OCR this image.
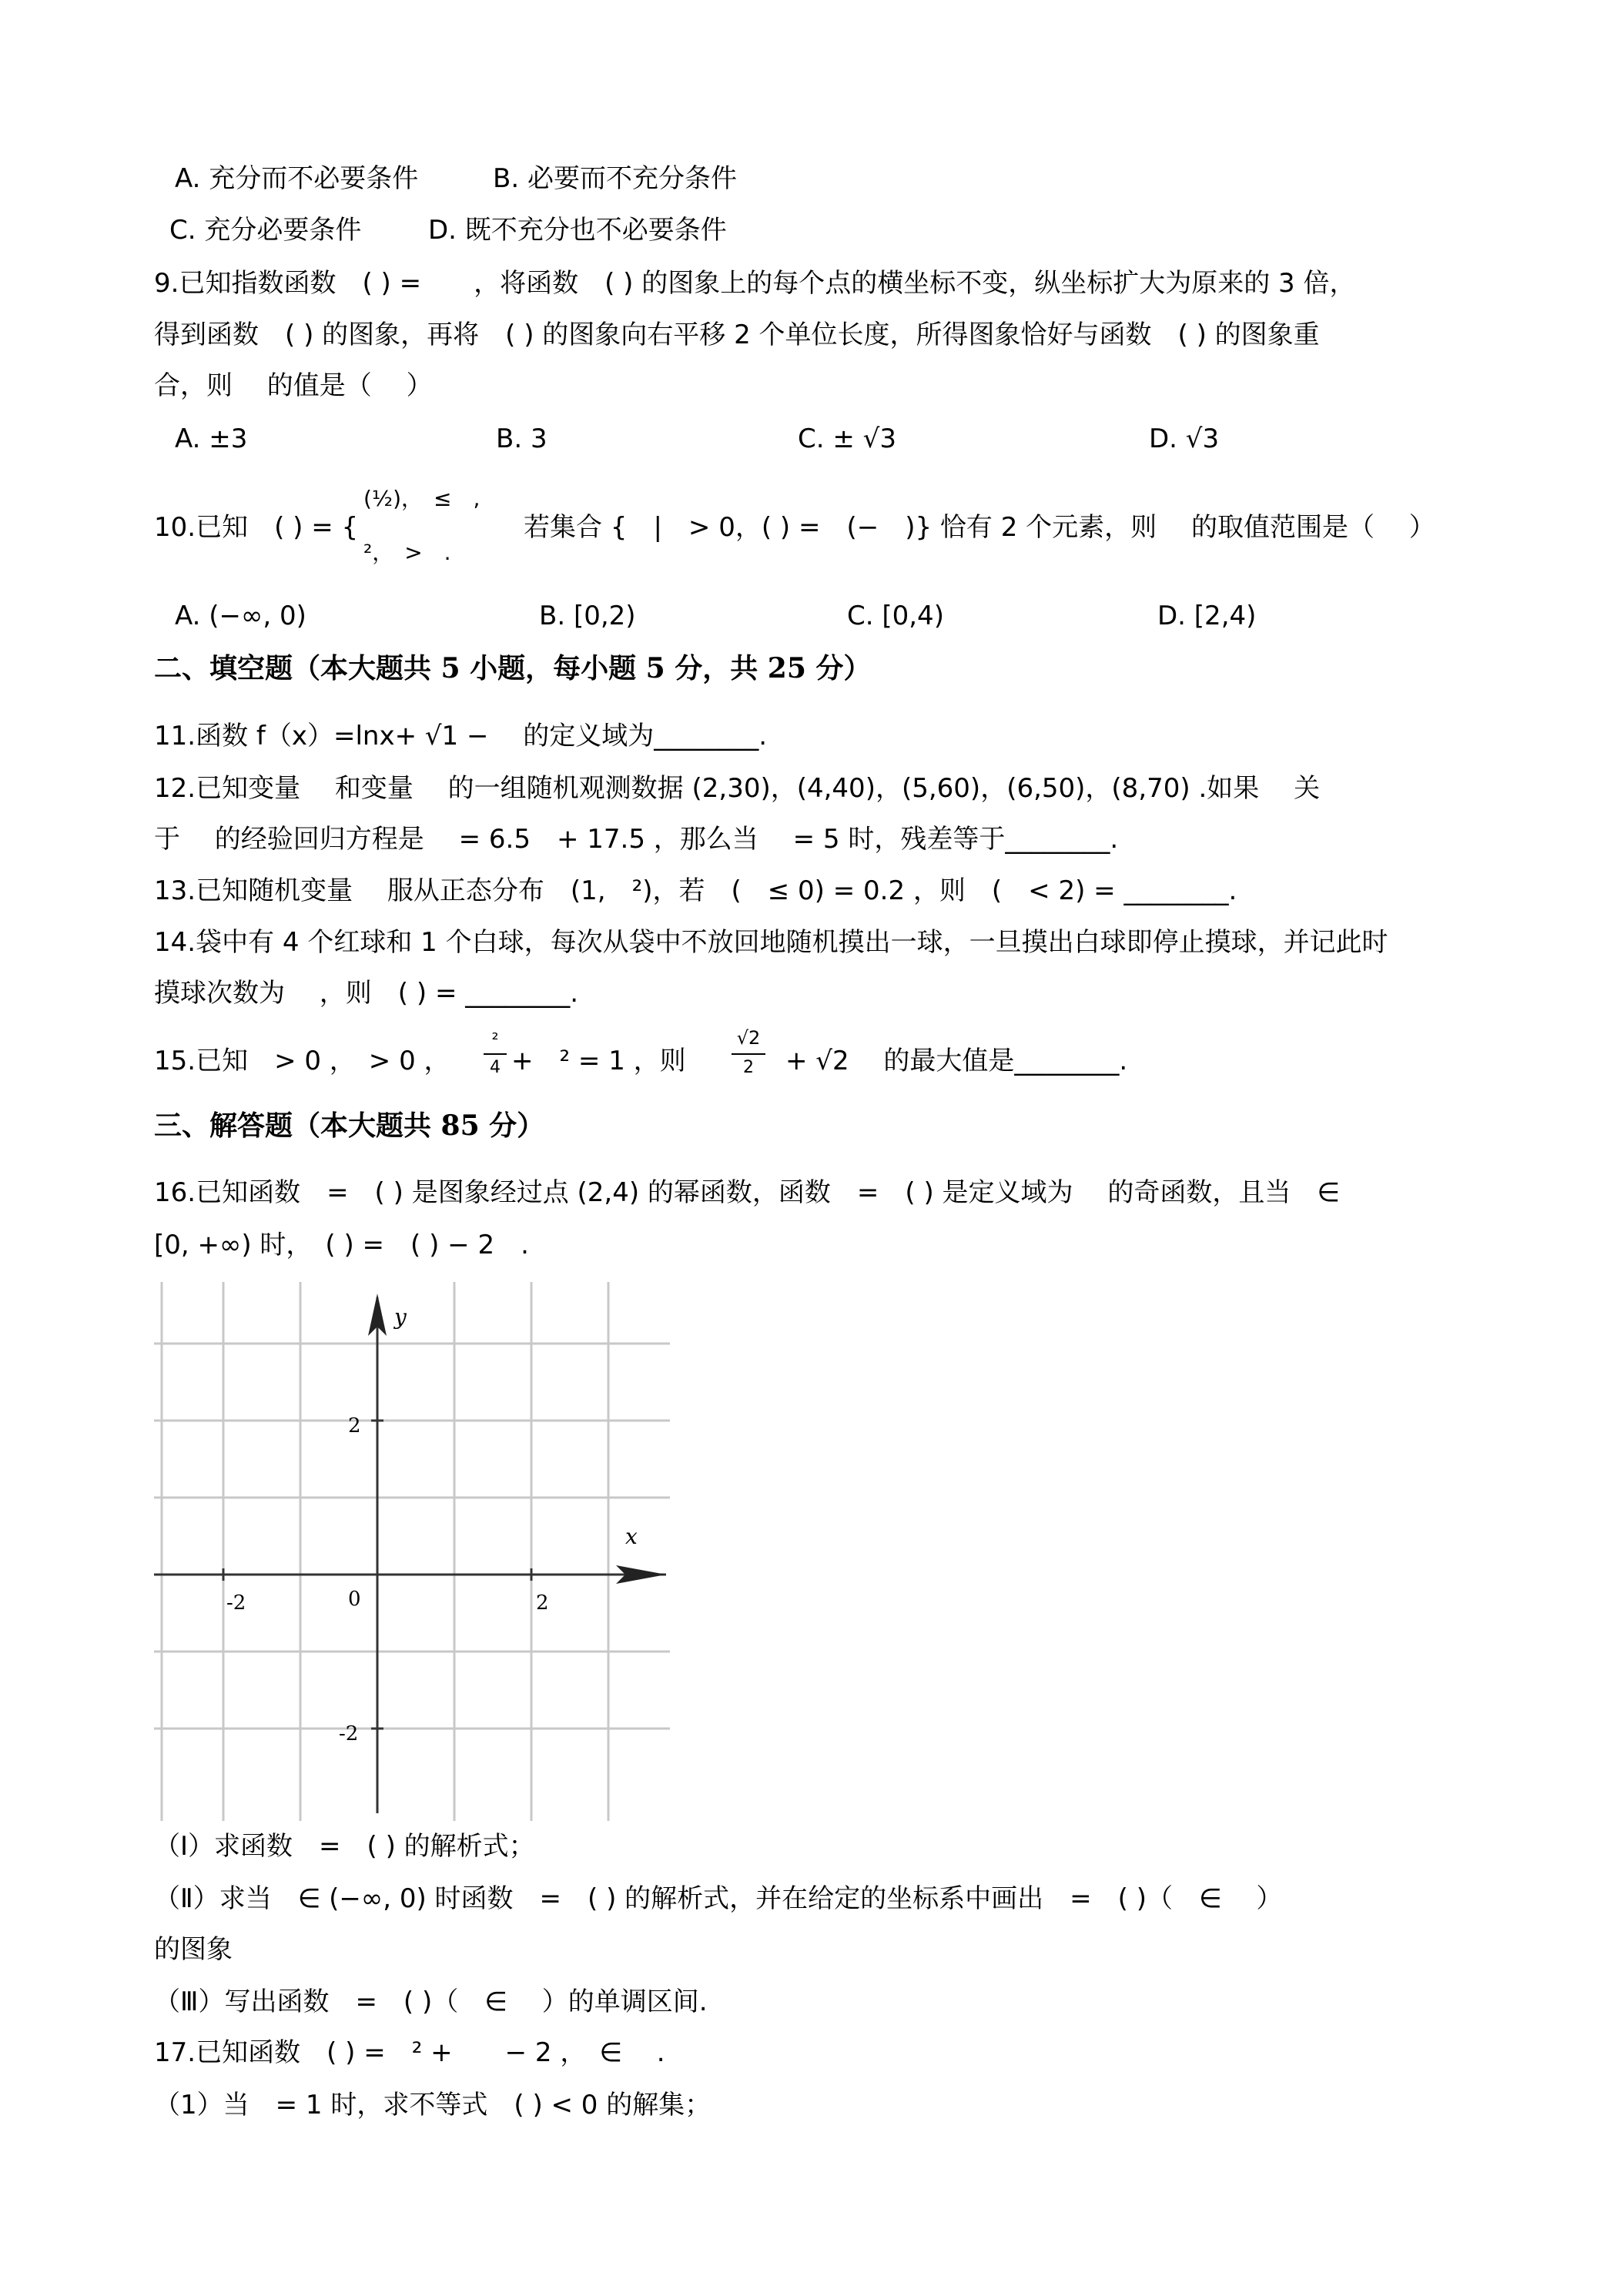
A. 充分而不必要条件	B. 必要而不充分条件
C. 充分必要条件	D. 既不充分也不必要条件
9.已知指数函数　( ) =　　，将函数　( ) 的图象上的每个点的横坐标不变，纵坐标扩大为原来的 3 倍，
得到函数　( ) 的图象，再将　( ) 的图象向右平移 2 个单位长度，所得图象恰好与函数　( ) 的图象重
合，则　 的值是（　 ）
A. ±3	B. 3	C. ± √3	D. √3
10.已知　( ) = {
(½)，　≤　,
²，　>　.
若集合 {　|　> 0，( ) =　(−　)} 恰有 2 个元素，则　 的取值范围是（　 ）
A. (−∞, 0)	B. [0,2)	C. [0,4)	D. [2,4)
二、填空题（本大题共 5 小题，每小题 5 分，共 25 分）
11.函数 f（x）=lnx+ √1 −　 的定义域为________.
12.已知变量　 和变量　 的一组随机观测数据 (2,30)，(4,40)，(5,60)，(6,50)，(8,70) .如果　 关
于　 的经验回归方程是　 = 6.5　+ 17.5 ，那么当　 = 5 时，残差等于________.
13.已知随机变量　 服从正态分布　(1,　²)，若　(　≤ 0) = 0.2 ，则　(　< 2) = ________.
14.袋中有 4 个红球和 1 个白球，每次从袋中不放回地随机摸出一球，一旦摸出白球即停止摸球，并记此时
摸球次数为　 ，则　( ) = ________.
15.已知　> 0 ，　> 0 ，
²
4 +　² = 1 ，则
√2
2	+ √2　 的最大值是________.
三、解答题（本大题共 85 分）
16.已知函数　=　( ) 是图象经过点 (2,4) 的幂函数，函数　=　( ) 是定义域为　 的奇函数，且当　∈
[0, +∞) 时，　( ) =　( ) − 2　.
y
x
2
-2
-2	0	2
（Ⅰ）求函数　=　( ) 的解析式；
（Ⅱ）求当　∈ (−∞, 0) 时函数　=　( ) 的解析式，并在给定的坐标系中画出　=　( )（　∈　 ）
的图象
（Ⅲ）写出函数　=　( )（　∈　 ）的单调区间.
17.已知函数　( ) =　² +　　− 2 ，　∈　 .
（1）当　= 1 时，求不等式　( ) < 0 的解集；
